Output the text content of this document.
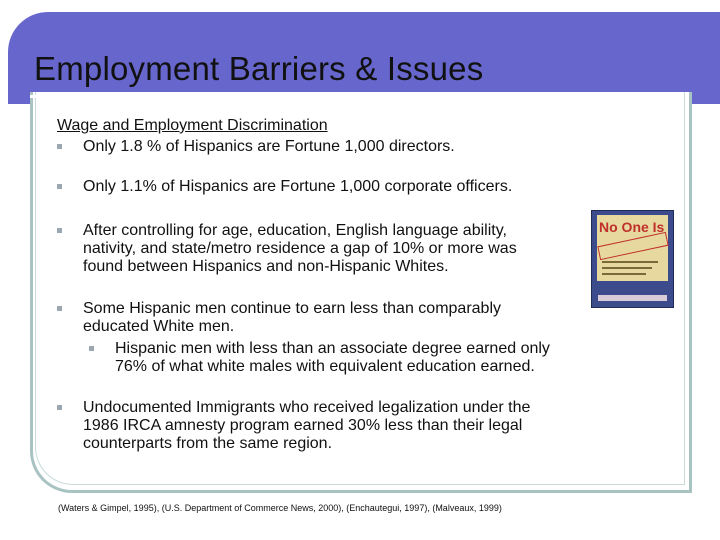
Employment Barriers & Issues
Wage and Employment Discrimination
Only 1.8 % of Hispanics are Fortune 1,000 directors.
Only 1.1% of Hispanics are Fortune 1,000 corporate officers.
After controlling for age, education, English language ability,
nativity, and state/metro residence a gap of 10% or more was
found between Hispanics and non-Hispanic Whites.
Some Hispanic men continue to earn less than comparably
educated White men.
Hispanic men with less than an associate degree earned only
76% of what white males with equivalent education earned.
Undocumented Immigrants who received legalization under the
1986 IRCA amnesty program earned 30% less than their legal
counterparts from the same region.
No One Is
(Waters & Gimpel, 1995), (U.S. Department of Commerce News, 2000), (Enchautegui, 1997), (Malveaux, 1999)
